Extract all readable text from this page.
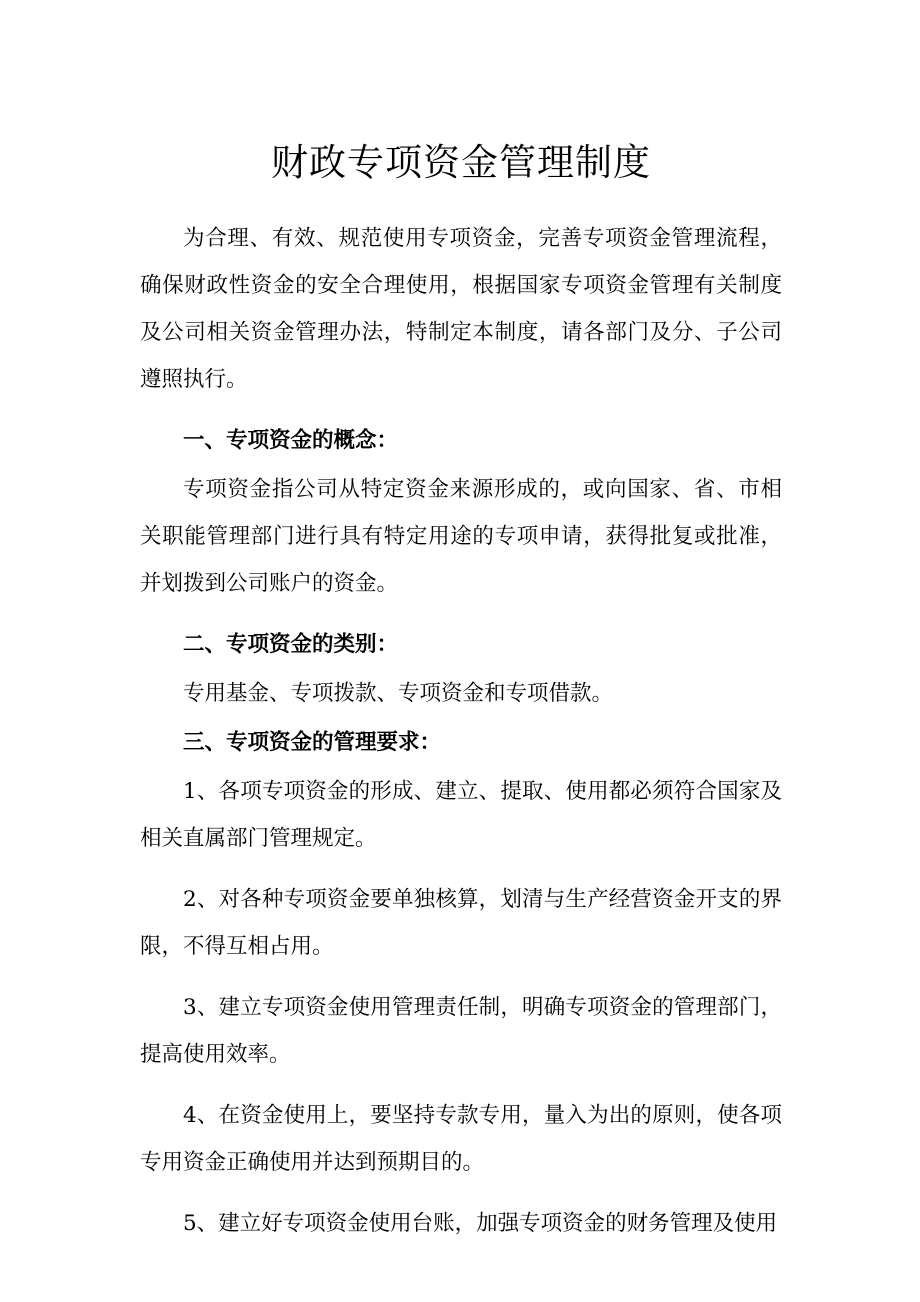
财政专项资金管理制度

为合理、有效、规范使用专项资金，完善专项资金管理流程，确保财政性资金的安全合理使用，根据国家专项资金管理有关制度及公司相关资金管理办法，特制定本制度，请各部门及分、子公司遵照执行。

一、专项资金的概念：

专项资金指公司从特定资金来源形成的，或向国家、省、市相关职能管理部门进行具有特定用途的专项申请，获得批复或批准，并划拨到公司账户的资金。

二、专项资金的类别：

专用基金、专项拨款、专项资金和专项借款。

三、专项资金的管理要求：

1、各项专项资金的形成、建立、提取、使用都必须符合国家及相关直属部门管理规定。

2、对各种专项资金要单独核算，划清与生产经营资金开支的界限，不得互相占用。

3、建立专项资金使用管理责任制，明确专项资金的管理部门，提高使用效率。

4、在资金使用上，要坚持专款专用，量入为出的原则，使各项专用资金正确使用并达到预期目的。

5、建立好专项资金使用台账，加强专项资金的财务管理及使用
